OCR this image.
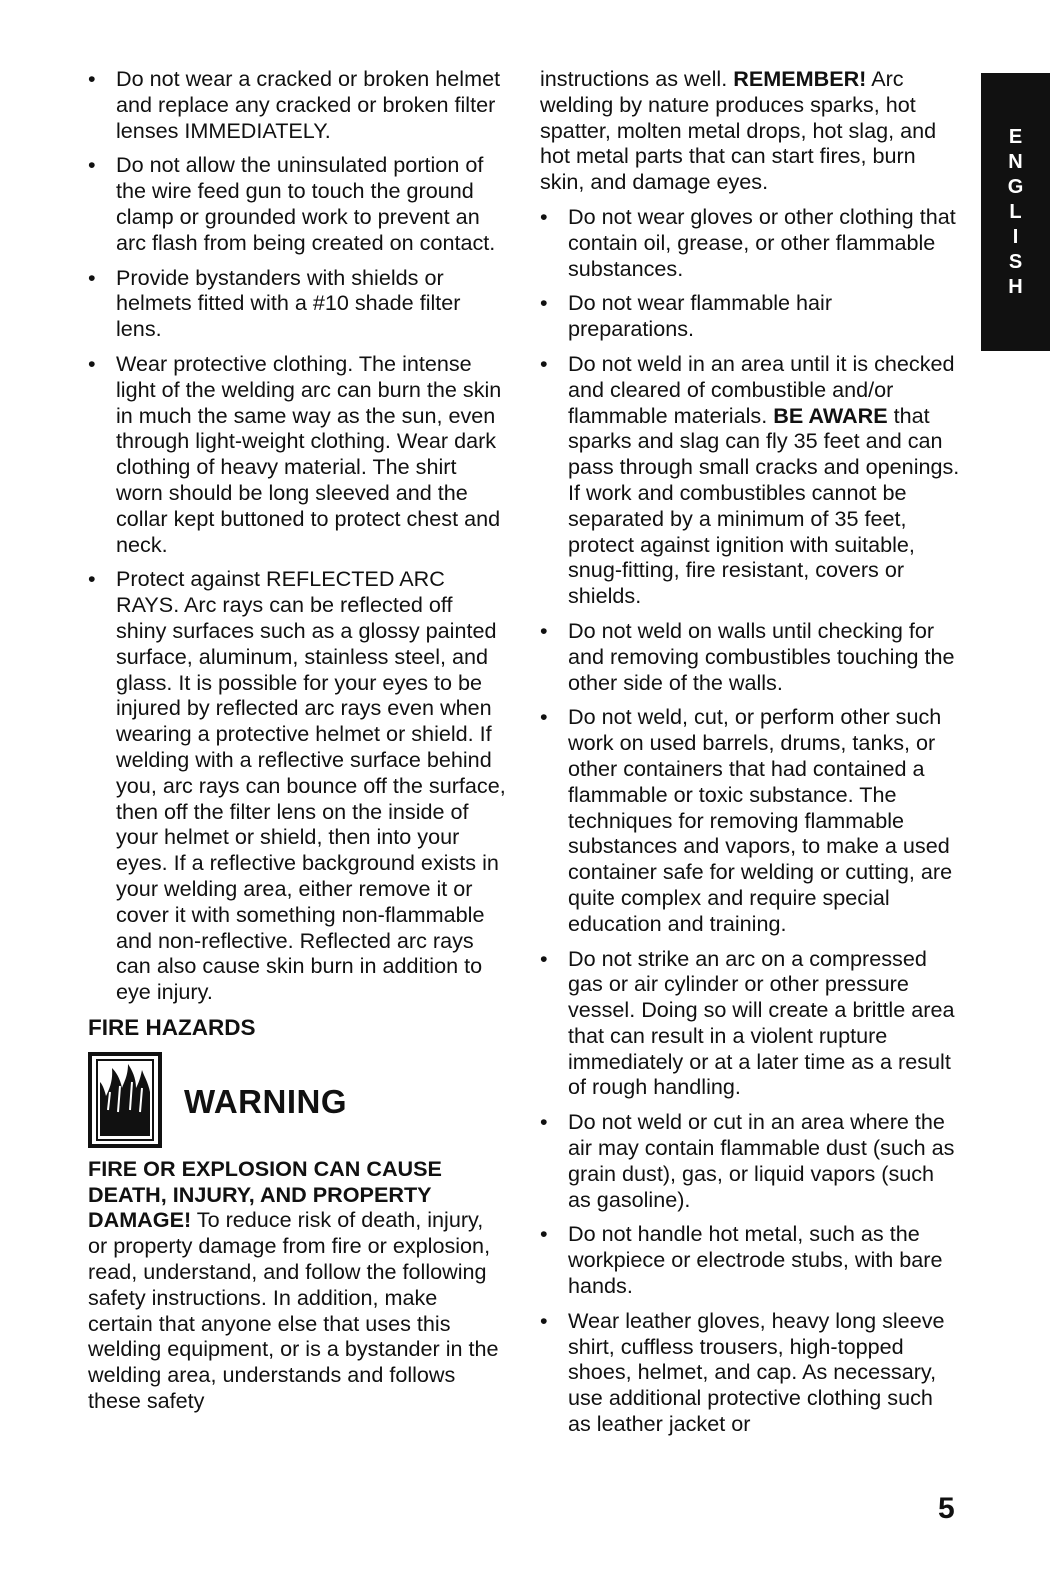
• Do not wear a cracked or broken helmet and replace any cracked or broken filter lenses IMMEDIATELY.
• Do not allow the uninsulated portion of the wire feed gun to touch the ground clamp or grounded work to prevent an arc flash from being created on contact.
• Provide bystanders with shields or helmets fitted with a #10 shade filter lens.
• Wear protective clothing. The intense light of the welding arc can burn the skin in much the same way as the sun, even through light-weight clothing. Wear dark clothing of heavy material. The shirt worn should be long sleeved and the collar kept buttoned to protect chest and neck.
• Protect against REFLECTED ARC RAYS. Arc rays can be reflected off shiny surfaces such as a glossy painted surface, aluminum, stainless steel, and glass. It is possible for your eyes to be injured by reflected arc rays even when wearing a protective helmet or shield. If welding with a reflective surface behind you, arc rays can bounce off the surface, then off the filter lens on the inside of your helmet or shield, then into your eyes. If a reflective background exists in your welding area, either remove it or cover it with something non-flammable and non-reflective. Reflected arc rays can also cause skin burn in addition to eye injury.
FIRE HAZARDS
WARNING

FIRE OR EXPLOSION CAN CAUSE DEATH, INJURY, AND PROPERTY DAMAGE! To reduce risk of death, injury, or property damage from fire or explosion, read, understand, and follow the following safety instructions. In addition, make certain that anyone else that uses this welding equipment, or is a bystander in the welding area, understands and follows these safety

instructions as well. REMEMBER! Arc welding by nature produces sparks, hot spatter, molten metal drops, hot slag, and hot metal parts that can start fires, burn skin, and damage eyes.

• Do not wear gloves or other clothing that contain oil, grease, or other flammable substances.
• Do not wear flammable hair preparations.
• Do not weld in an area until it is checked and cleared of combustible and/or flammable materials. BE AWARE that sparks and slag can fly 35 feet and can pass through small cracks and openings. If work and combustibles cannot be separated by a minimum of 35 feet, protect against ignition with suitable, snug-fitting, fire resistant, covers or shields.
• Do not weld on walls until checking for and removing combustibles touching the other side of the walls.
• Do not weld, cut, or perform other such work on used barrels, drums, tanks, or other containers that had contained a flammable or toxic substance. The techniques for removing flammable substances and vapors, to make a used container safe for welding or cutting, are quite complex and require special education and training.
• Do not strike an arc on a compressed gas or air cylinder or other pressure vessel. Doing so will create a brittle area that can result in a violent rupture immediately or at a later time as a result of rough handling.
• Do not weld or cut in an area where the air may contain flammable dust (such as grain dust), gas, or liquid vapors (such as gasoline).
• Do not handle hot metal, such as the workpiece or electrode stubs, with bare hands.
• Wear leather gloves, heavy long sleeve shirt, cuffless trousers, high-topped shoes, helmet, and cap. As necessary, use additional protective clothing such as leather jacket or
E
N
G
L
I
S
H
5
